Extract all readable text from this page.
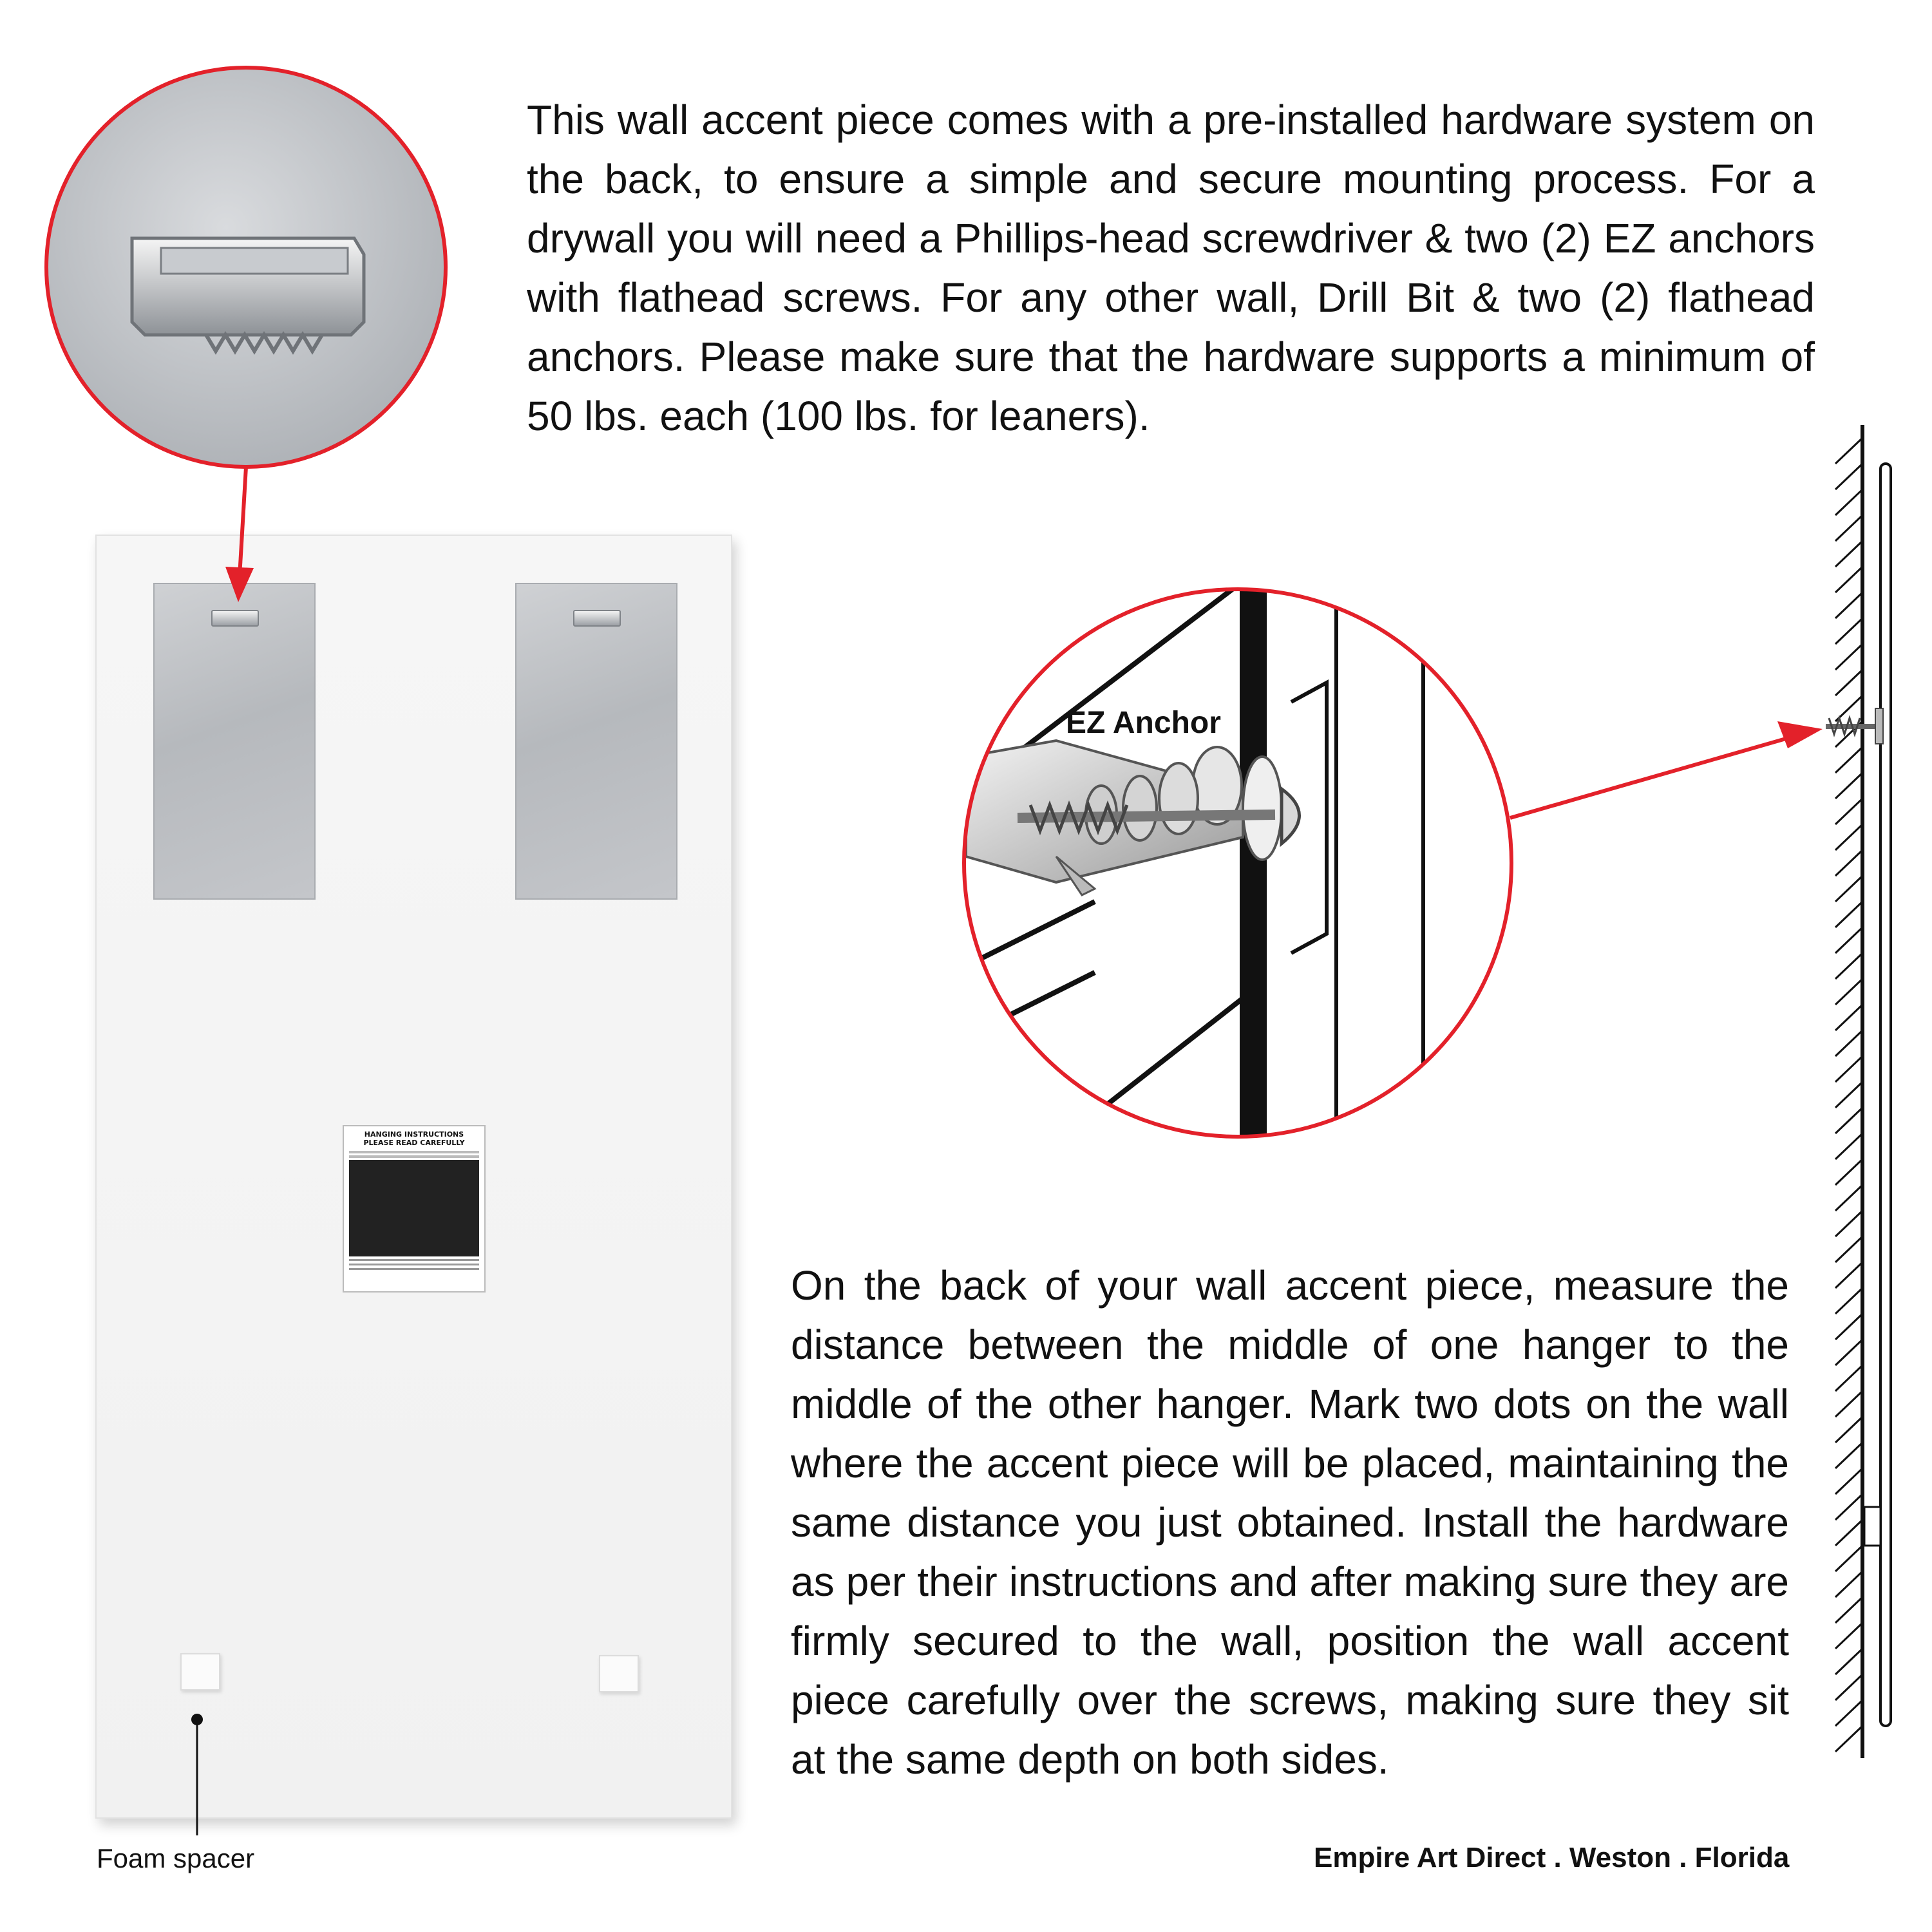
This wall accent piece comes with a pre-installed hardware system on the back, to ensure a simple and secure mounting process. For a drywall you will need a Phillips-head screwdriver & two (2) EZ anchors with flathead screws. For any other wall, Drill Bit & two (2) flathead anchors. Please make sure that the hardware supports a minimum of 50 lbs. each (100 lbs. for leaners).

On the back of your wall accent piece, measure the distance between the middle of one hanger to the middle of the other hanger. Mark two dots on the wall where the accent piece will be placed, maintaining the same distance you just obtained. Install the hardware as per their instructions and after making sure they are firmly secured to the wall, position the wall accent piece carefully over the screws, making sure they sit at the same depth on both sides.

HANGING INSTRUCTIONS

PLEASE READ CAREFULLY

EZ Anchor

Foam spacer	Empire Art Direct . Weston . Florida
